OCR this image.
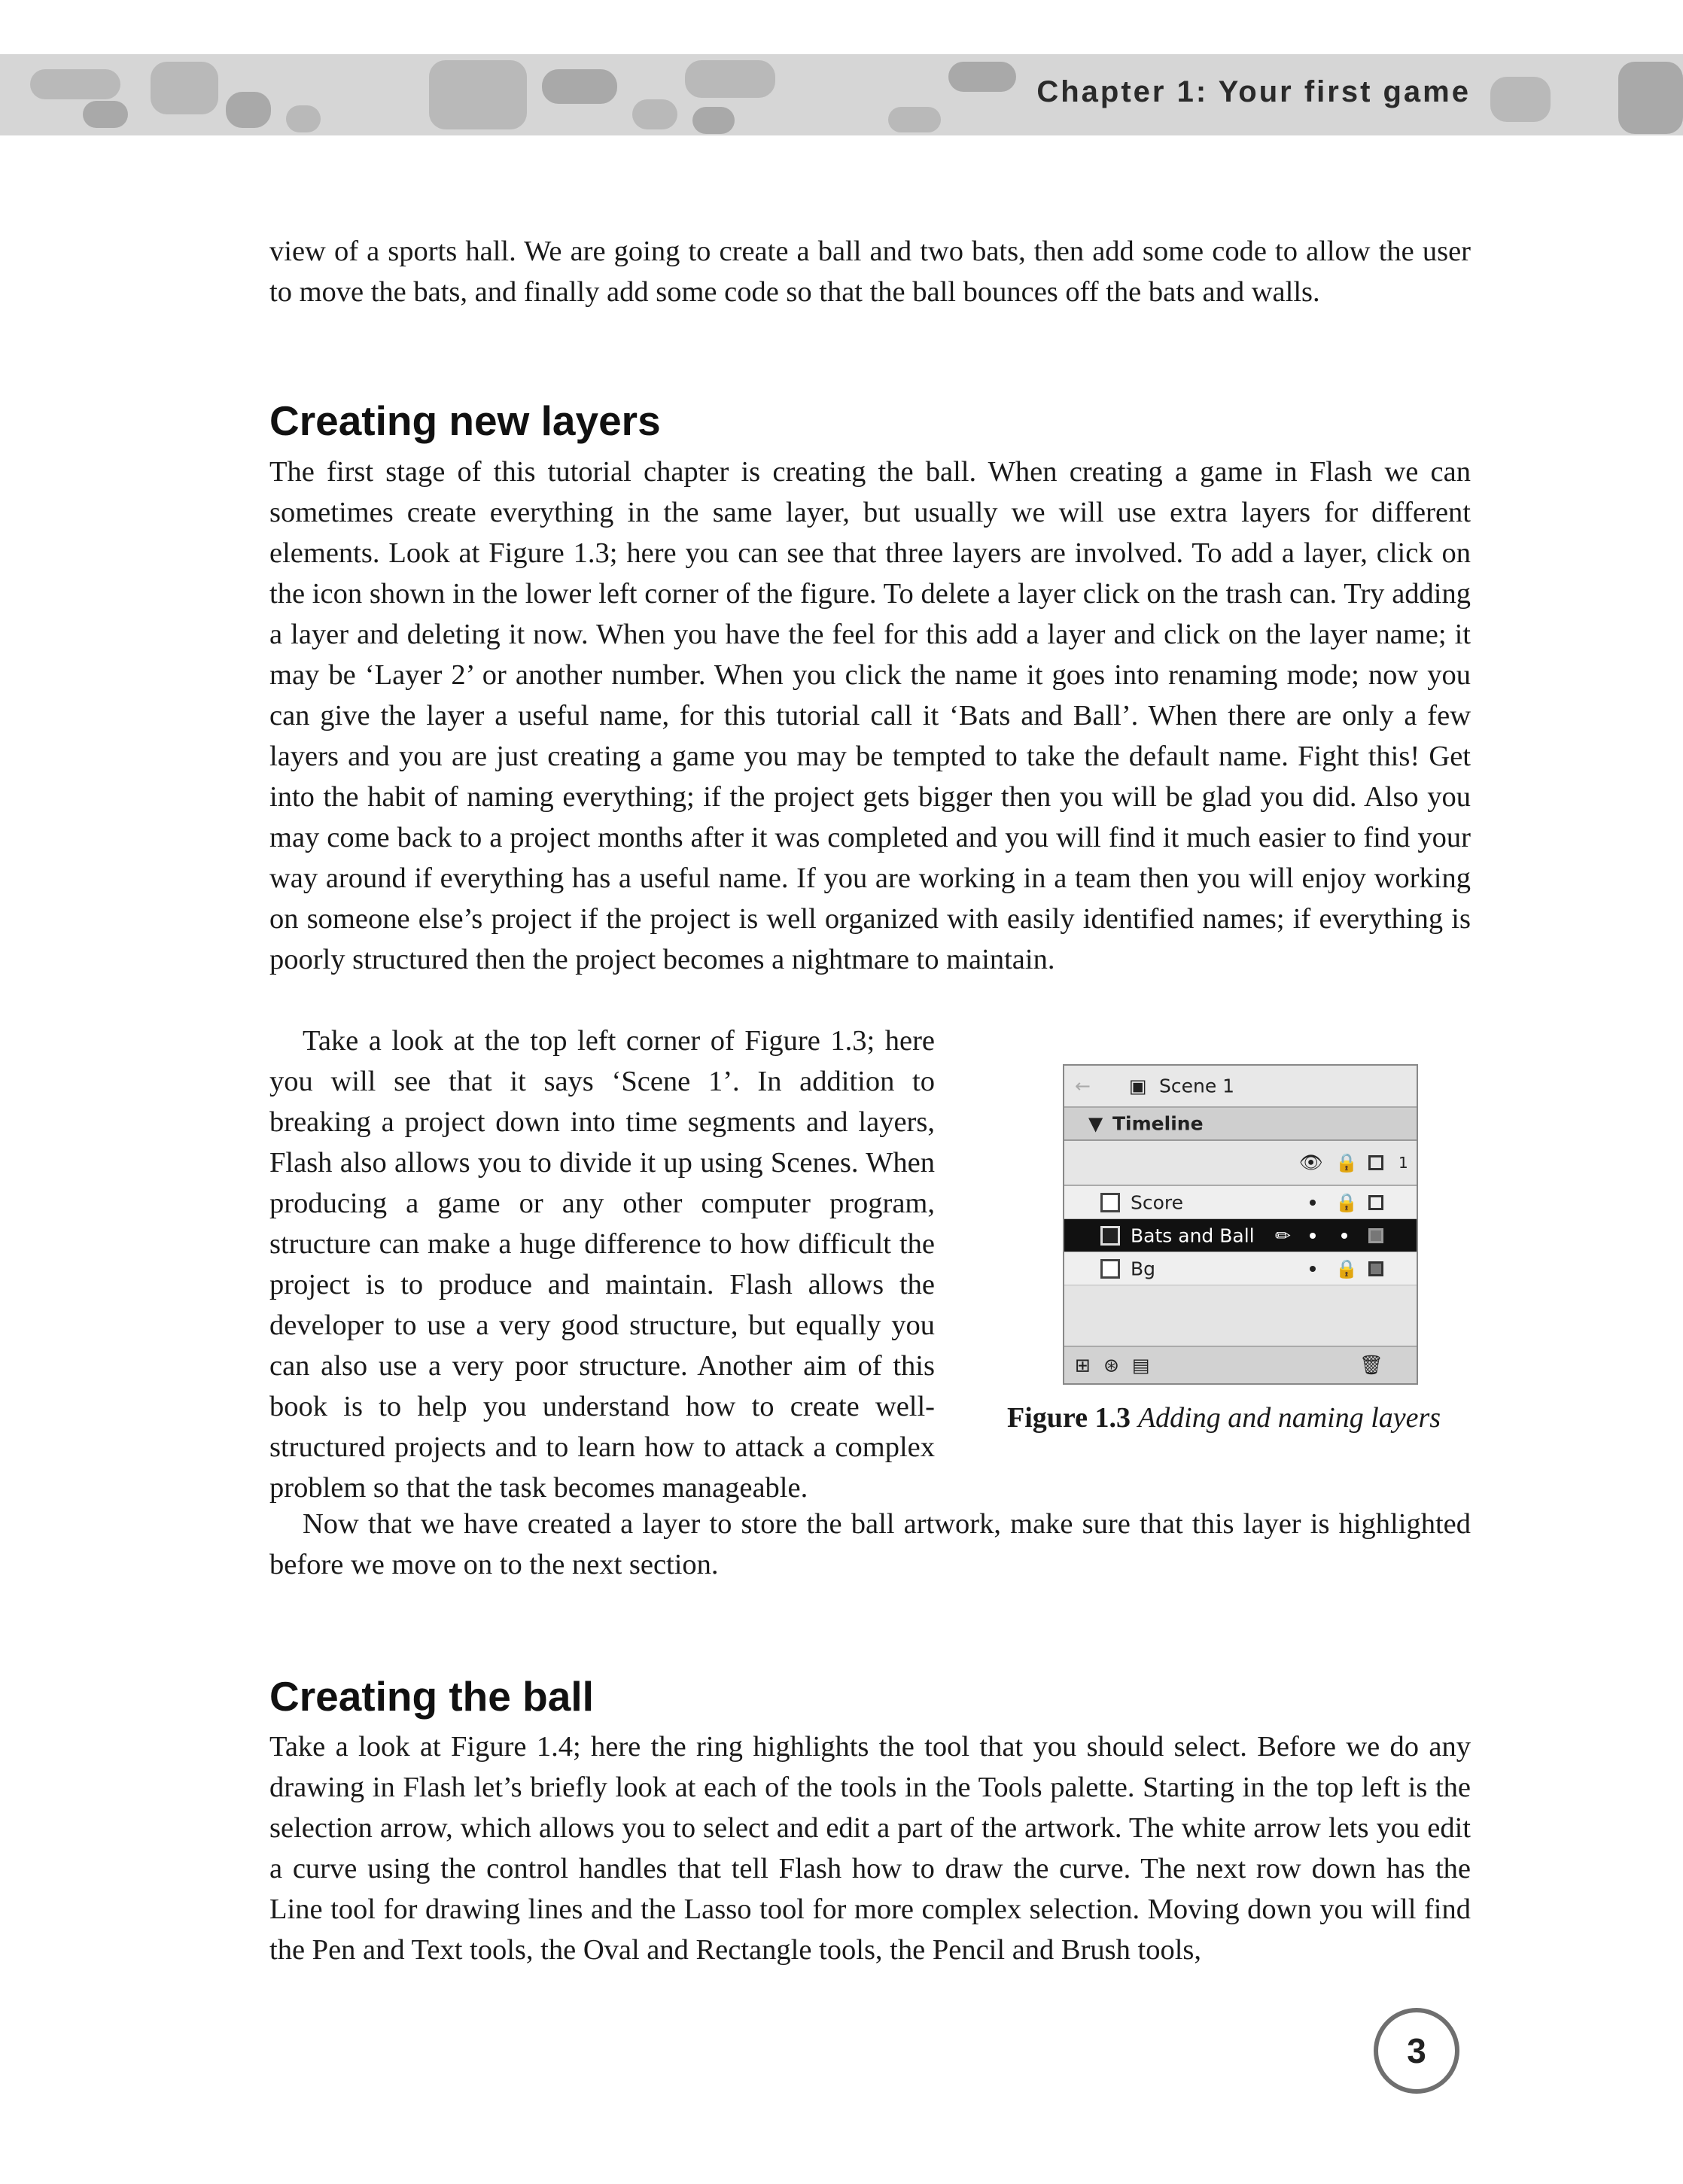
Chapter 1: Your first game

view of a sports hall. We are going to create a ball and two bats, then add some code to allow the user to move the bats, and finally add some code so that the ball bounces off the bats and walls.

Creating new layers

The first stage of this tutorial chapter is creating the ball. When creating a game in Flash we can sometimes create everything in the same layer, but usually we will use extra layers for different elements. Look at Figure 1.3; here you can see that three layers are involved. To add a layer, click on the icon shown in the lower left corner of the figure. To delete a layer click on the trash can. Try adding a layer and deleting it now. When you have the feel for this add a layer and click on the layer name; it may be ‘Layer 2’ or another number. When you click the name it goes into renaming mode; now you can give the layer a useful name, for this tutorial call it ‘Bats and Ball’. When there are only a few layers and you are just creating a game you may be tempted to take the default name. Fight this! Get into the habit of naming everything; if the project gets bigger then you will be glad you did. Also you may come back to a project months after it was completed and you will find it much easier to find your way around if everything has a useful name. If you are working in a team then you will enjoy working on someone else’s project if the project is well organized with easily identified names; if everything is poorly structured then the project becomes a nightmare to maintain.

Take a look at the top left corner of Figure 1.3; here you will see that it says ‘Scene 1’. In addition to breaking a project down into time segments and layers, Flash also allows you to divide it up using Scenes. When producing a game or any other computer program, structure can make a huge difference to how difficult the project is to produce and maintain. Flash allows the developer to use a very good structure, but equally you can also use a very poor structure. Another aim of this book is to help you understand how to create well-structured projects and to learn how to attack a complex problem so that the task becomes manageable.

← ▣ Scene 1
▼ Timeline
👁 🔒	1
Score	🔒
Bats and Ball ✏
Bg	🔒
⊞ ⊛ ▤	🗑
Figure 1.3 Adding and naming layers

Now that we have created a layer to store the ball artwork, make sure that this layer is highlighted before we move on to the next section.

Creating the ball

Take a look at Figure 1.4; here the ring highlights the tool that you should select. Before we do any drawing in Flash let’s briefly look at each of the tools in the Tools palette. Starting in the top left is the selection arrow, which allows you to select and edit a part of the artwork. The white arrow lets you edit a curve using the control handles that tell Flash how to draw the curve. The next row down has the Line tool for drawing lines and the Lasso tool for more complex selection. Moving down you will find the Pen and Text tools, the Oval and Rectangle tools, the Pencil and Brush tools,

3
